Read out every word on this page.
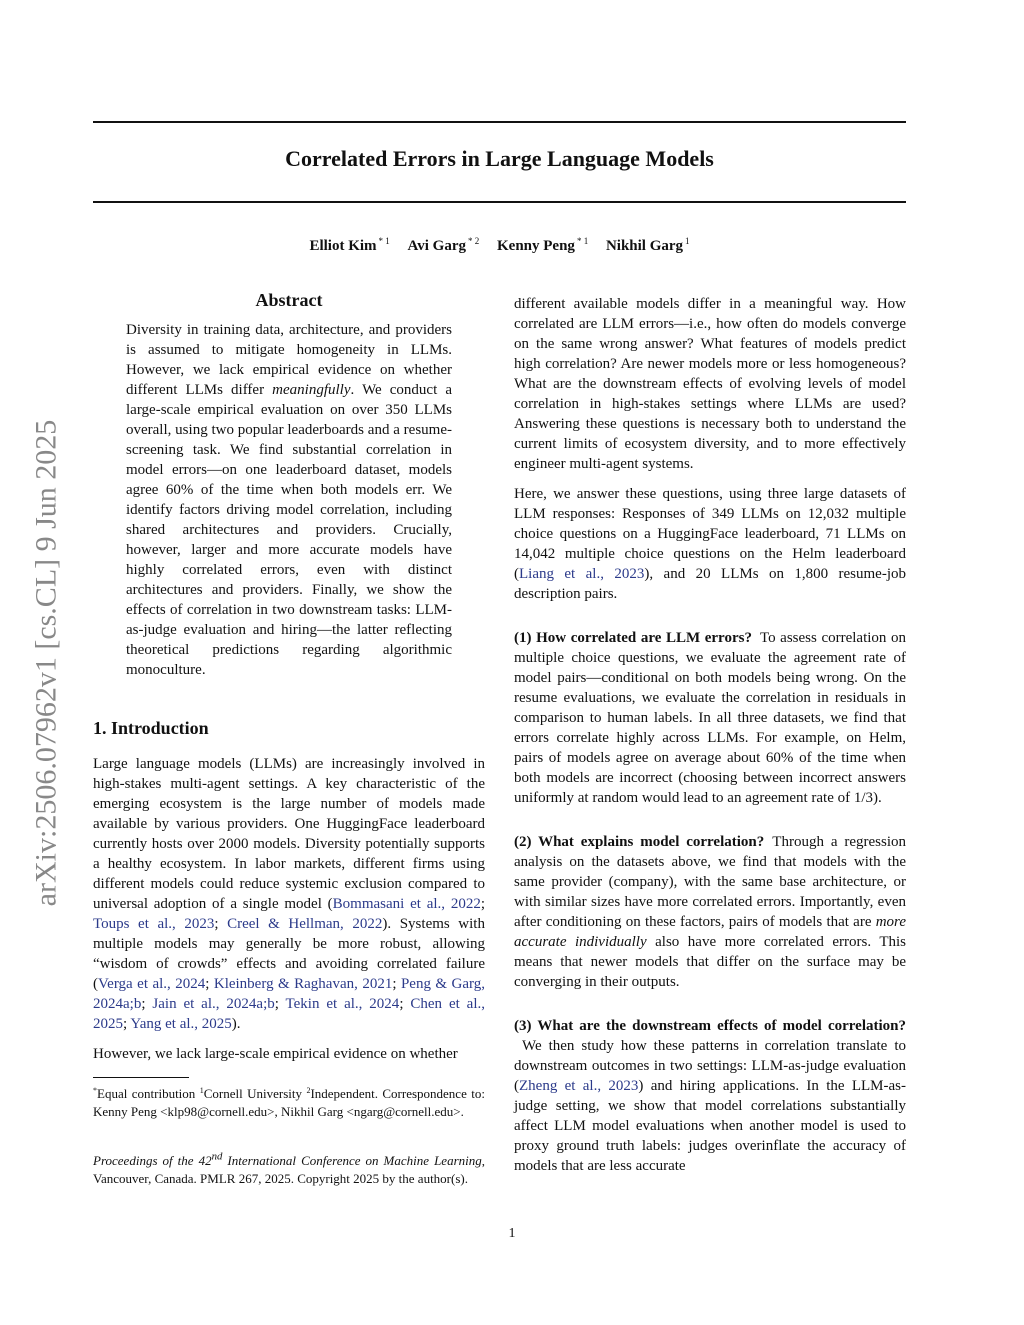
Correlated Errors in Large Language Models
Elliot Kim $^{* 1}$ Avi Garg $^{* 2}$ Kenny Peng $^{* 1}$ Nikhil Garg $^1$
arXiv:2506.07962v1 [cs.CL] 9 Jun 2025
Abstract

Diversity in training data, architecture, and providers is assumed to mitigate homogeneity in LLMs. However, we lack empirical evidence on whether different LLMs differ meaningfully. We conduct a large-scale empirical evaluation on over 350 LLMs overall, using two popular leaderboards and a resume-screening task. We find substantial correlation in model errors—on one leaderboard dataset, models agree 60% of the time when both models err. We identify factors driving model correlation, including shared architectures and providers. Crucially, however, larger and more accurate models have highly correlated errors, even with distinct architectures and providers. Finally, we show the effects of correlation in two downstream tasks: LLM-as-judge evaluation and hiring—the latter reflecting theoretical predictions regarding algorithmic monoculture.

1. Introduction

Large language models (LLMs) are increasingly involved in high-stakes multi-agent settings. A key characteristic of the emerging ecosystem is the large number of models made available by various providers. One HuggingFace leaderboard currently hosts over 2000 models. Diversity potentially supports a healthy ecosystem. In labor markets, different firms using different models could reduce systemic exclusion compared to universal adoption of a single model (Bommasani et al., 2022; Toups et al., 2023; Creel & Hellman, 2022). Systems with multiple models may generally be more robust, allowing “wisdom of crowds” effects and avoiding correlated failure (Verga et al., 2024; Kleinberg & Raghavan, 2021; Peng & Garg, 2024a;b; Jain et al., 2024a;b; Tekin et al., 2024; Chen et al., 2025; Yang et al., 2025).

However, we lack large-scale empirical evidence on whether

different available models differ in a meaningful way. How correlated are LLM errors—i.e., how often do models converge on the same wrong answer? What features of models predict high correlation? Are newer models more or less homogeneous? What are the downstream effects of evolving levels of model correlation in high-stakes settings where LLMs are used? Answering these questions is necessary both to understand the current limits of ecosystem diversity, and to more effectively engineer multi-agent systems.

Here, we answer these questions, using three large datasets of LLM responses: Responses of 349 LLMs on 12,032 multiple choice questions on a HuggingFace leaderboard, 71 LLMs on 14,042 multiple choice questions on the Helm leaderboard (Liang et al., 2023), and 20 LLMs on 1,800 resume-job description pairs.

(1) How correlated are LLM errors? To assess correlation on multiple choice questions, we evaluate the agreement rate of model pairs—conditional on both models being wrong. On the resume evaluations, we evaluate the correlation in residuals in comparison to human labels. In all three datasets, we find that errors correlate highly across LLMs. For example, on Helm, pairs of models agree on average about 60% of the time when both models are incorrect (choosing between incorrect answers uniformly at random would lead to an agreement rate of 1/3).

(2) What explains model correlation? Through a regression analysis on the datasets above, we find that models with the same provider (company), with the same base architecture, or with similar sizes have more correlated errors. Importantly, even after conditioning on these factors, pairs of models that are more accurate individually also have more correlated errors. This means that newer models that differ on the surface may be converging in their outputs.

(3) What are the downstream effects of model correlation?We then study how these patterns in correlation translate to downstream outcomes in two settings: LLM-as-judge evaluation (Zheng et al., 2023) and hiring applications. In the LLM-as-judge setting, we show that model correlations substantially affect LLM model evaluations when another model is used to proxy ground truth labels: judges overinflate the accuracy of models that are less accurate

*Equal contribution $^1$Cornell University $^2$Independent. Correspondence to: Kenny Peng <klp98@cornell.edu>, Nikhil Garg <ngarg@cornell.edu>.
Proceedings of the 42nd International Conference on Machine Learning, Vancouver, Canada. PMLR 267, 2025. Copyright 2025 by the author(s).
1
